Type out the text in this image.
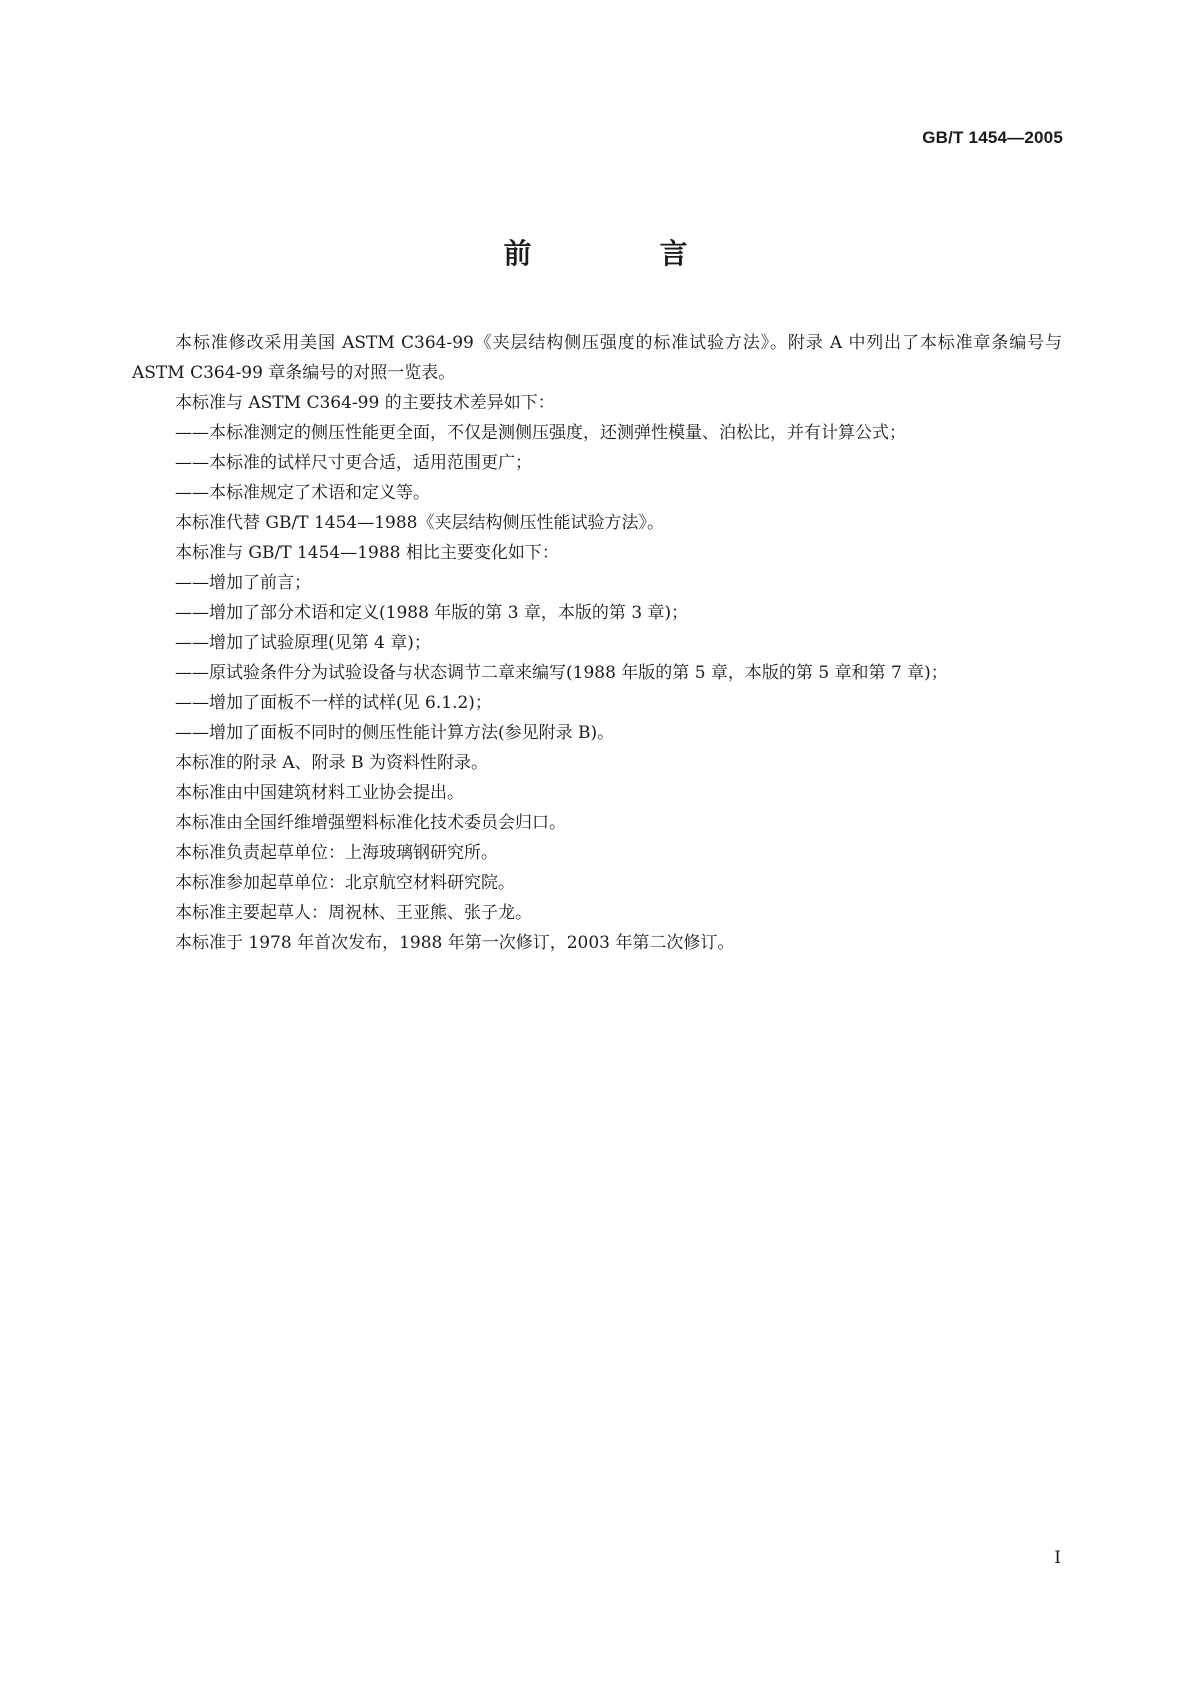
GB/T 1454—2005
前　言

本标准修改采用美国 ASTM C364-99《夹层结构侧压强度的标准试验方法》。附录 A 中列出了本标准章条编号与 ASTM C364-99 章条编号的对照一览表。

本标准与 ASTM C364-99 的主要技术差异如下：

——本标准测定的侧压性能更全面，不仅是测侧压强度，还测弹性模量、泊松比，并有计算公式；

——本标准的试样尺寸更合适，适用范围更广；

——本标准规定了术语和定义等。

本标准代替 GB/T 1454—1988《夹层结构侧压性能试验方法》。

本标准与 GB/T 1454—1988 相比主要变化如下：

——增加了前言；

——增加了部分术语和定义(1988 年版的第 3 章，本版的第 3 章)；

——增加了试验原理(见第 4 章)；

—— 原试验条件分为试验设备与状态调节二章来编写(1988 年版的第 5 章，本版的第 5 章和第 7 章)；

——增加了面板不一样的试样(见 6.1.2)；

——增加了面板不同时的侧压性能计算方法(参见附录 B)。

本标准的附录 A、附录 B 为资料性附录。

本标准由中国建筑材料工业协会提出。

本标准由全国纤维增强塑料标准化技术委员会归口。

本标准负责起草单位：上海玻璃钢研究所。

本标准参加起草单位：北京航空材料研究院。

本标准主要起草人：周祝林、王亚熊、张子龙。

本标准于 1978 年首次发布，1988 年第一次修订，2003 年第二次修订。

I
